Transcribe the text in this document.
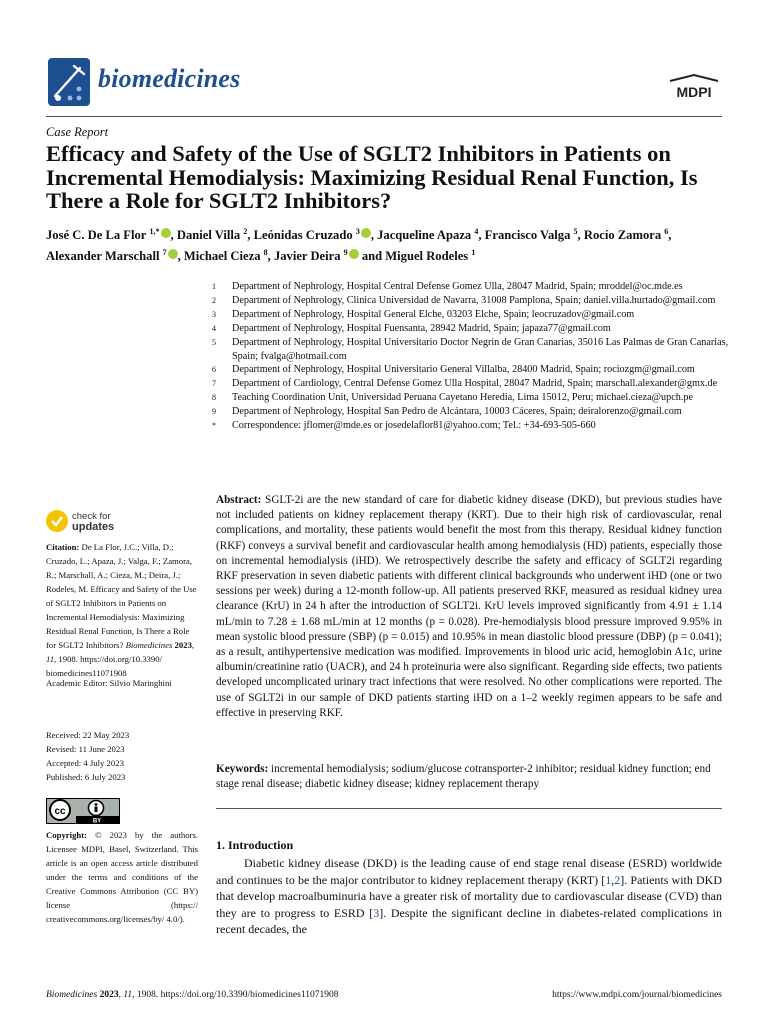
biomedicines	MDPI
Case Report
Efficacy and Safety of the Use of SGLT2 Inhibitors in Patients on Incremental Hemodialysis: Maximizing Residual Renal Function, Is There a Role for SGLT2 Inhibitors?
José C. De La Flor $^{1,*}$ , Daniel Villa $^2$, Leónidas Cruzado $^3$ , Jacqueline Apaza $^4$, Francisco Valga $^5$, Rocío Zamora $^6$,
Alexander Marschall $^7$ , Michael Cieza $^8$, Javier Deira $^9$ and Miguel Rodeles $^1$
1	Department of Nephrology, Hospital Central Defense Gomez Ulla, 28047 Madrid, Spain; mroddel@oc.mde.es
2	Department of Nephrology, Clinica Universidad de Navarra, 31008 Pamplona, Spain; daniel.villa.hurtado@gmail.com
3	Department of Nephrology, Hospital General Elche, 03203 Elche, Spain; leocruzadov@gmail.com
4	Department of Nephrology, Hospital Fuensanta, 28942 Madrid, Spain; japaza77@gmail.com
5	Department of Nephrology, Hospital Universitario Doctor Negrin de Gran Canarias, 35016 Las Palmas de Gran Canarias, Spain; fvalga@hotmail.com
6	Department of Nephrology, Hospital Universitario General Villalba, 28400 Madrid, Spain; rociozgm@gmail.com
7	Department of Cardiology, Central Defense Gomez Ulla Hospital, 28047 Madrid, Spain; marschall.alexander@gmx.de
8	Teaching Coordination Unit, Universidad Peruana Cayetano Heredia, Lima 15012, Peru; michael.cieza@upch.pe
9	Department of Nephrology, Hospital San Pedro de Alcántara, 10003 Cáceres, Spain; deiralorenzo@gmail.com
*	Correspondence: jflomer@mde.es or josedelaflor81@yahoo.com; Tel.: +34-693-505-660
check for
updates
Citation: De La Flor, J.C.; Villa, D.; Cruzado, L.; Apaza, J.; Valga, F.; Zamora, R.; Marschall, A.; Cieza, M.; Deira, J.; Rodeles, M. Efficacy and Safety of the Use of SGLT2 Inhibitors in Patients on Incremental Hemodialysis: Maximizing Residual Renal Function, Is There a Role for SGLT2 Inhibitors? Biomedicines 2023, 11, 1908. https://doi.org/10.3390/ biomedicines11071908
Academic Editor: Silvio Maringhini
Received: 22 May 2023
Revised: 11 June 2023
Accepted: 4 July 2023
Published: 6 July 2023
cc
BY
Copyright: © 2023 by the authors. Licensee MDPI, Basel, Switzerland. This article is an open access article distributed under the terms and conditions of the Creative Commons Attribution (CC BY) license (https:// creativecommons.org/licenses/by/ 4.0/).
Abstract: SGLT-2i are the new standard of care for diabetic kidney disease (DKD), but previous studies have not included patients on kidney replacement therapy (KRT). Due to their high risk of cardiovascular, renal complications, and mortality, these patients would benefit the most from this therapy. Residual kidney function (RKF) conveys a survival benefit and cardiovascular health among hemodialysis (HD) patients, especially those on incremental hemodialysis (iHD). We retrospectively describe the safety and efficacy of SGLT2i regarding RKF preservation in seven diabetic patients with different clinical backgrounds who underwent iHD (one or two sessions per week) during a 12-month follow-up. All patients preserved RKF, measured as residual kidney urea clearance (KrU) in 24 h after the introduction of SGLT2i. KrU levels improved significantly from 4.91 ± 1.14 mL/min to 7.28 ± 1.68 mL/min at 12 months (p = 0.028). Pre-hemodialysis blood pressure improved 9.95% in mean systolic blood pressure (SBP) (p = 0.015) and 10.95% in mean diastolic blood pressure (DBP) (p = 0.041); as a result, antihypertensive medication was modified. Improvements in blood uric acid, hemoglobin A1c, urine albumin/creatinine ratio (UACR), and 24 h proteinuria were also significant. Regarding side effects, two patients developed uncomplicated urinary tract infections that were resolved. No other complications were reported. The use of SGLT2i in our sample of DKD patients starting iHD on a 1–2 weekly regimen appears to be safe and effective in preserving RKF.
Keywords: incremental hemodialysis; sodium/glucose cotransporter-2 inhibitor; residual kidney function; end stage renal disease; diabetic kidney disease; kidney replacement therapy
1. Introduction
Diabetic kidney disease (DKD) is the leading cause of end stage renal disease (ESRD) worldwide and continues to be the major contributor to kidney replacement therapy (KRT) [1,2]. Patients with DKD that develop macroalbuminuria have a greater risk of mortality due to cardiovascular disease (CVD) than they are to progress to ESRD [3]. Despite the significant decline in diabetes-related complications in recent decades, the
Biomedicines 2023, 11, 1908. https://doi.org/10.3390/biomedicines11071908	https://www.mdpi.com/journal/biomedicines
